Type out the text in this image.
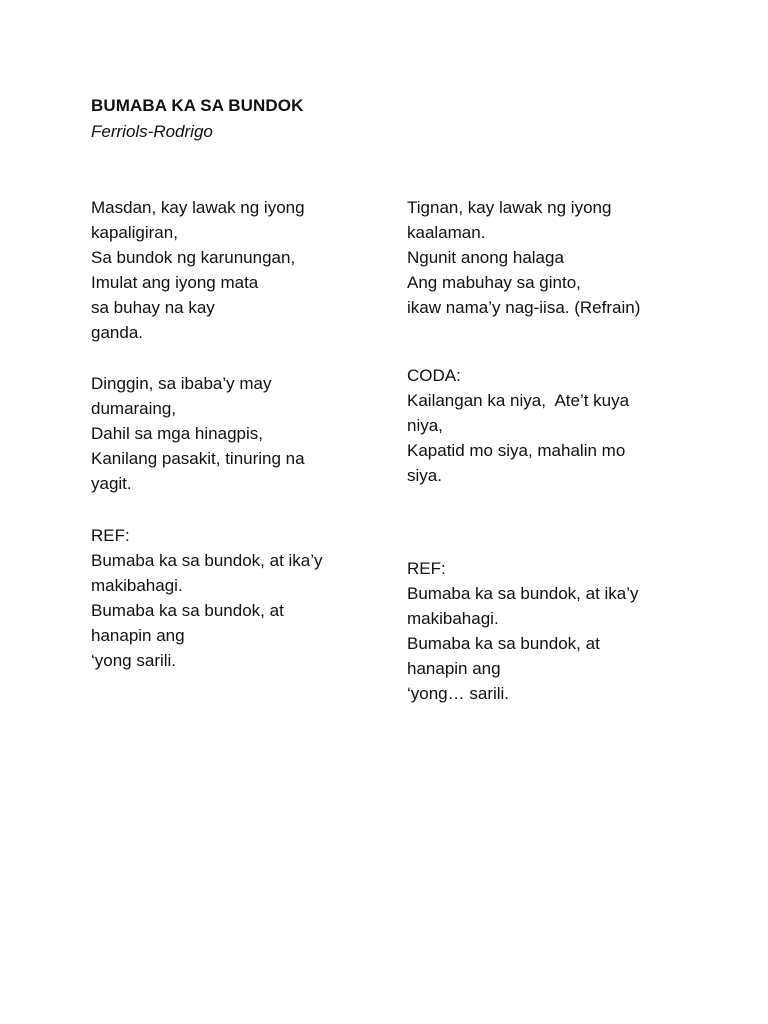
BUMABA KA SA BUNDOK
Ferriols-Rodrigo
Masdan, kay lawak ng iyong
kapaligiran,
Sa bundok ng karunungan,
Imulat ang iyong mata
sa buhay na kay
ganda.
Dinggin, sa ibaba’y may
dumaraing,
Dahil sa mga hinagpis,
Kanilang pasakit, tinuring na
yagit.
REF:
Bumaba ka sa bundok, at ika’y
makibahagi.
Bumaba ka sa bundok, at
hanapin ang
‘yong sarili.
Tignan, kay lawak ng iyong
kaalaman.
Ngunit anong halaga
Ang mabuhay sa ginto,
ikaw nama’y nag-iisa. (Refrain)
CODA:
Kailangan ka niya,  Ate’t kuya
niya,
Kapatid mo siya, mahalin mo
siya.
REF:
Bumaba ka sa bundok, at ika’y
makibahagi.
Bumaba ka sa bundok, at
hanapin ang
‘yong… sarili.
